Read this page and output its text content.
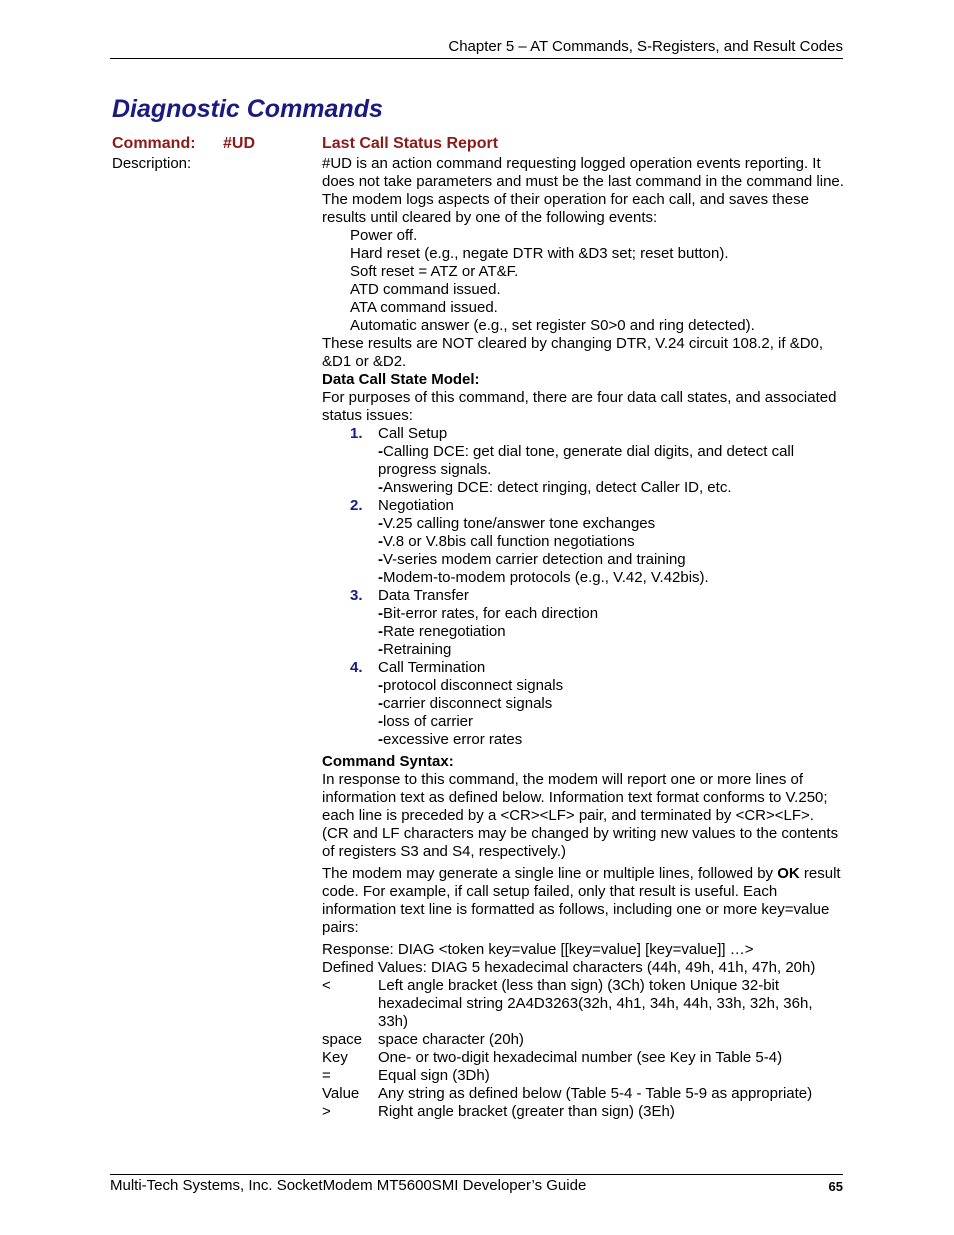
Chapter 5 – AT Commands, S-Registers, and Result Codes
Diagnostic Commands
Command: #UD	Last Call Status Report
Description:	#UD is an action command requesting logged operation events reporting. It does not take parameters and must be the last command in the command line.

The modem logs aspects of their operation for each call, and saves these results until cleared by one of the following events:

Power off.

Hard reset (e.g., negate DTR with &D3 set; reset button).

Soft reset = ATZ or AT&F.

ATD command issued.

ATA command issued.

Automatic answer (e.g., set register S0>0 and ring detected).

These results are NOT cleared by changing DTR, V.24 circuit 108.2, if &D0, &D1 or &D2.

Data Call State Model:

For purposes of this command, there are four data call states, and associated status issues:

1. Call Setup

-Calling DCE: get dial tone, generate dial digits, and detect call progress signals.

-Answering DCE: detect ringing, detect Caller ID, etc.

2. Negotiation

-V.25 calling tone/answer tone exchanges

-V.8 or V.8bis call function negotiations

-V-series modem carrier detection and training

-Modem-to-modem protocols (e.g., V.42, V.42bis).

3. Data Transfer

-Bit-error rates, for each direction

-Rate renegotiation

-Retraining

4. Call Termination

-protocol disconnect signals

-carrier disconnect signals

-loss of carrier

-excessive error rates

Command Syntax:

In response to this command, the modem will report one or more lines of information text as defined below. Information text format conforms to V.250; each line is preceded by a <CR><LF> pair, and terminated by <CR><LF>. (CR and LF characters may be changed by writing new values to the contents of registers S3 and S4, respectively.)

The modem may generate a single line or multiple lines, followed by OK result code. For example, if call setup failed, only that result is useful. Each information text line is formatted as follows, including one or more key=value pairs:

Response: DIAG <token key=value [[key=value] [key=value]] …>

Defined Values: DIAG 5 hexadecimal characters (44h, 49h, 41h, 47h, 20h)

<	Left angle bracket (less than sign) (3Ch) token Unique 32-bit hexadecimal string 2A4D3263(32h, 4h1, 34h, 44h, 33h, 32h, 36h, 33h)
space	space character (20h)
Key	One- or two-digit hexadecimal number (see Key in Table 5-4)
=	Equal sign (3Dh)
Value	Any string as defined below (Table 5-4 - Table 5-9 as appropriate)
>	Right angle bracket (greater than sign) (3Eh)
Multi-Tech Systems, Inc. SocketModem MT5600SMI Developer’s Guide	65
